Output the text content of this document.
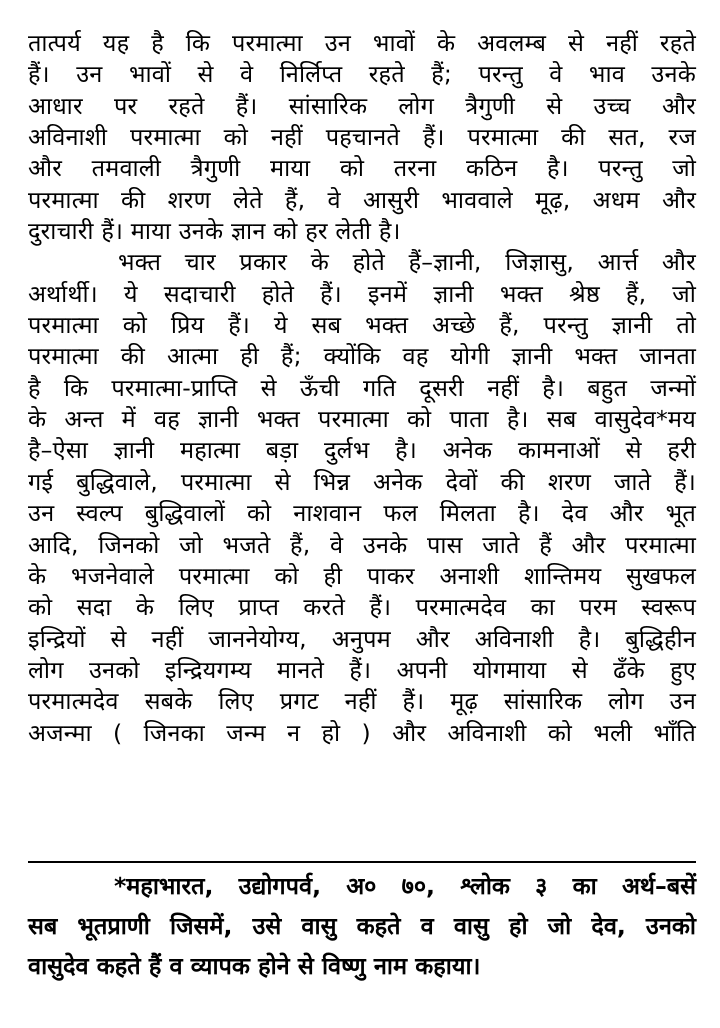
तात्पर्य यह है कि परमात्मा उन भावों के अवलम्ब से नहीं रहते
हैं। उन भावों से वे निर्लिप्त रहते हैं; परन्तु वे भाव उनके
आधार पर रहते हैं। सांसारिक लोग त्रैगुणी से उच्च और
अविनाशी परमात्मा को नहीं पहचानते हैं। परमात्मा की सत, रज
और तमवाली त्रैगुणी माया को तरना कठिन है। परन्तु जो
परमात्मा की शरण लेते हैं, वे आसुरी भाववाले मूढ़, अधम और
दुराचारी हैं। माया उनके ज्ञान को हर लेती है।
भक्त चार प्रकार के होते हैं–ज्ञानी, जिज्ञासु, आर्त्त और
अर्थार्थी। ये सदाचारी होते हैं। इनमें ज्ञानी भक्त श्रेष्ठ हैं, जो
परमात्मा को प्रिय हैं। ये सब भक्त अच्छे हैं, परन्तु ज्ञानी तो
परमात्मा की आत्मा ही हैं; क्योंकि वह योगी ज्ञानी भक्त जानता
है कि परमात्मा-प्राप्ति से ऊँची गति दूसरी नहीं है। बहुत जन्मों
के अन्त में वह ज्ञानी भक्त परमात्मा को पाता है। सब वासुदेव*मय
है–ऐसा ज्ञानी महात्मा बड़ा दुर्लभ है। अनेक कामनाओं से हरी
गई बुद्धिवाले, परमात्मा से भिन्न अनेक देवों की शरण जाते हैं।
उन स्वल्प बुद्धिवालों को नाशवान फल मिलता है। देव और भूत
आदि, जिनको जो भजते हैं, वे उनके पास जाते हैं और परमात्मा
के भजनेवाले परमात्मा को ही पाकर अनाशी शान्तिमय सुखफल
को सदा के लिए प्राप्त करते हैं। परमात्मदेव का परम स्वरूप
इन्द्रियों से नहीं जाननेयोग्य, अनुपम और अविनाशी है। बुद्धिहीन
लोग उनको इन्द्रियगम्य मानते हैं। अपनी योगमाया से ढँके हुए
परमात्मदेव सबके लिए प्रगट नहीं हैं। मूढ़ सांसारिक लोग उन
अजन्मा ( जिनका जन्म न हो ) और अविनाशी को भली भाँति
*महाभारत, उद्योगपर्व, अ० ७०, श्लोक ३ का अर्थ–बसें
सब भूतप्राणी जिसमें, उसे वासु कहते व वासु हो जो देव, उनको
वासुदेव कहते हैं व व्यापक होने से विष्णु नाम कहाया।
